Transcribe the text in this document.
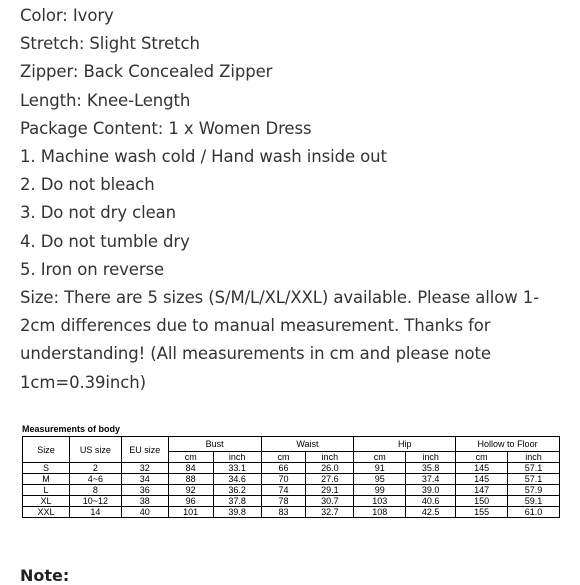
Color: Ivory
Stretch: Slight Stretch
Zipper: Back Concealed Zipper
Length: Knee-Length
Package Content: 1 x Women Dress
1. Machine wash cold / Hand wash inside out
2. Do not bleach
3. Do not dry clean
4. Do not tumble dry
5. Iron on reverse
Size: There are 5 sizes (S/M/L/XL/XXL) available. Please allow 1-2cm differences due to manual measurement. Thanks for understanding! (All measurements in cm and please note 1cm=0.39inch)
Measurements of body
Size	US size	EU size	Bust		Waist		Hip		Hollow to Floor	
			cm	inch	cm	inch	cm	inch	cm	inch
S	2	32	84	33.1	66	26.0	91	35.8	145	57.1
M	4~6	34	88	34.6	70	27.6	95	37.4	145	57.1
L	8	36	92	36.2	74	29.1	99	39.0	147	57.9
XL	10~12	38	96	37.8	78	30.7	103	40.6	150	59.1
XXL	14	40	101	39.8	83	32.7	108	42.5	155	61.0
Note:
